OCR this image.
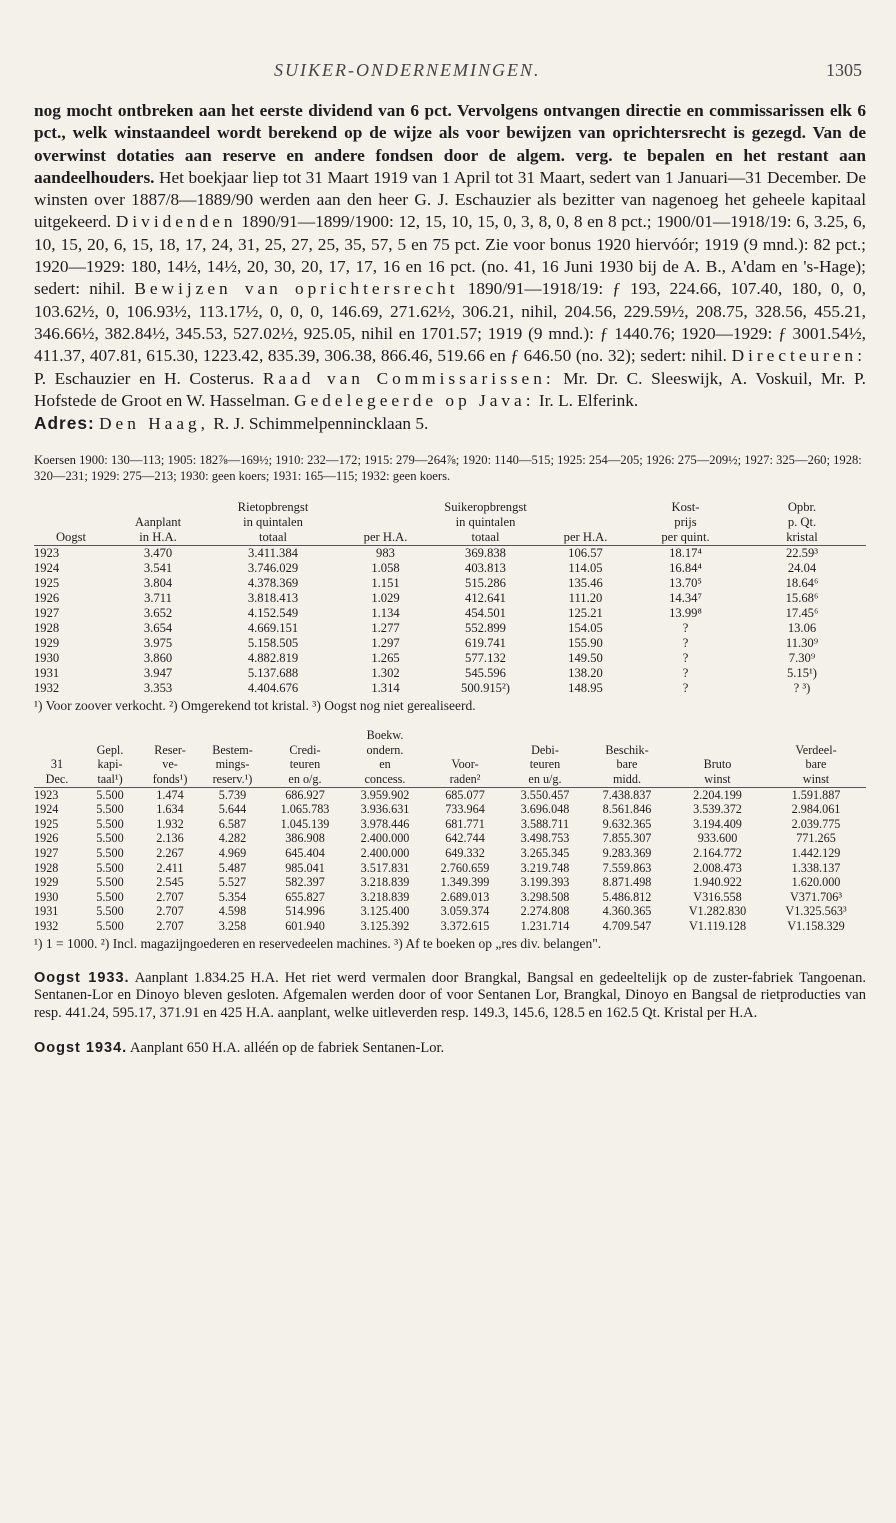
SUIKER-ONDERNEMINGEN.	1305

nog mocht ontbreken aan het eerste dividend van 6 pct. Vervolgens ontvangen directie en commissarissen elk 6 pct., welk winstaandeel wordt berekend op de wijze als voor bewijzen van oprichtersrecht is gezegd. Van de overwinst dotaties aan reserve en andere fondsen door de algem. verg. te bepalen en het restant aan aandeelhouders. Het boekjaar liep tot 31 Maart 1919 van 1 April tot 31 Maart, sedert van 1 Januari—31 December. De winsten over 1887/8—1889/90 werden aan den heer G. J. Eschauzier als bezitter van nagenoeg het geheele kapitaal uitgekeerd. Dividenden 1890/91—1899/1900: 12, 15, 10, 15, 0, 3, 8, 0, 8 en 8 pct.; 1900/01—1918/19: 6, 3.25, 6, 10, 15, 20, 6, 15, 18, 17, 24, 31, 25, 27, 25, 35, 57, 5 en 75 pct. Zie voor bonus 1920 hiervóór; 1919 (9 mnd.): 82 pct.; 1920—1929: 180, 14½, 14½, 20, 30, 20, 17, 17, 16 en 16 pct. (no. 41, 16 Juni 1930 bij de A. B., A'dam en 's-Hage); sedert: nihil. Bewijzen van oprichtersrecht 1890/91—1918/19: ƒ 193, 224.66, 107.40, 180, 0, 0, 103.62½, 0, 106.93½, 113.17½, 0, 0, 0, 146.69, 271.62½, 306.21, nihil, 204.56, 229.59½, 208.75, 328.56, 455.21, 346.66½, 382.84½, 345.53, 527.02½, 925.05, nihil en 1701.57; 1919 (9 mnd.): ƒ 1440.76; 1920—1929: ƒ 3001.54½, 411.37, 407.81, 615.30, 1223.42, 835.39, 306.38, 866.46, 519.66 en ƒ 646.50 (no. 32); sedert: nihil. Directeuren: P. Eschauzier en H. Costerus. Raad van Commissarissen: Mr. Dr. C. Sleeswijk, A. Voskuil, Mr. P. Hofstede de Groot en W. Hasselman. Gedelegeerde op Java: Ir. L. Elferink.
Adres: Den Haag, R. J. Schimmelpennincklaan 5.

Koersen 1900: 130—113; 1905: 182⅞—169½; 1910: 232—172; 1915: 279—264⅞; 1920: 1140—515; 1925: 254—205; 1926: 275—209½; 1927: 325—260; 1928: 320—231; 1929: 275—213; 1930: geen koers; 1931: 165—115; 1932: geen koers.

		Rietopbrengst		Suikeropbrengst		Kost-	Opbr.
	Aanplant	in quintalen		in quintalen		prijs	p. Qt.
Oogst	in H.A.	totaal	per H.A.	totaal	per H.A.	per quint.	kristal
1923	3.470	3.411.384	983	369.838	106.57	18.17⁴	22.59³
1924	3.541	3.746.029	1.058	403.813	114.05	16.84⁴	24.04
1925	3.804	4.378.369	1.151	515.286	135.46	13.70⁵	18.64⁶
1926	3.711	3.818.413	1.029	412.641	111.20	14.34⁷	15.68⁶
1927	3.652	4.152.549	1.134	454.501	125.21	13.99⁸	17.45⁶
1928	3.654	4.669.151	1.277	552.899	154.05	?	13.06
1929	3.975	5.158.505	1.297	619.741	155.90	?	11.30⁹
1930	3.860	4.882.819	1.265	577.132	149.50	?	7.30⁹
1931	3.947	5.137.688	1.302	545.596	138.20	?	5.15¹)
1932	3.353	4.404.676	1.314	500.915²)	148.95	?	? ³)

¹) Voor zoover verkocht. ²) Omgerekend tot kristal. ³) Oogst nog niet gerealiseerd.

					Boekw.					
	Gepl.	Reser-	Bestem-	Credi-	ondern.		Debi-	Beschik-		Verdeel-
31	kapi-	ve-	mings-	teuren	en	Voor-	teuren	bare	Bruto	bare
Dec.	taal¹)	fonds¹)	reserv.¹)	en o/g.	concess.	raden²	en u/g.	midd.	winst	winst
1923	5.500	1.474	5.739	686.927	3.959.902	685.077	3.550.457	7.438.837	2.204.199	1.591.887
1924	5.500	1.634	5.644	1.065.783	3.936.631	733.964	3.696.048	8.561.846	3.539.372	2.984.061
1925	5.500	1.932	6.587	1.045.139	3.978.446	681.771	3.588.711	9.632.365	3.194.409	2.039.775
1926	5.500	2.136	4.282	386.908	2.400.000	642.744	3.498.753	7.855.307	933.600	771.265
1927	5.500	2.267	4.969	645.404	2.400.000	649.332	3.265.345	9.283.369	2.164.772	1.442.129
1928	5.500	2.411	5.487	985.041	3.517.831	2.760.659	3.219.748	7.559.863	2.008.473	1.338.137
1929	5.500	2.545	5.527	582.397	3.218.839	1.349.399	3.199.393	8.871.498	1.940.922	1.620.000
1930	5.500	2.707	5.354	655.827	3.218.839	2.689.013	3.298.508	5.486.812	V316.558	V371.706³
1931	5.500	2.707	4.598	514.996	3.125.400	3.059.374	2.274.808	4.360.365	V1.282.830	V1.325.563³
1932	5.500	2.707	3.258	601.940	3.125.392	3.372.615	1.231.714	4.709.547	V1.119.128	V1.158.329

¹) 1 = 1000. ²) Incl. magazijngoederen en reservedeelen machines. ³) Af te boeken op „res div. belangen".

Oogst 1933. Aanplant 1.834.25 H.A. Het riet werd vermalen door Brangkal, Bangsal en gedeeltelijk op de zuster-fabriek Tangoenan. Sentanen-Lor en Dinoyo bleven gesloten. Afgemalen werden door of voor Sentanen Lor, Brangkal, Dinoyo en Bangsal de rietproducties van resp. 441.24, 595.17, 371.91 en 425 H.A. aanplant, welke uitleverden resp. 149.3, 145.6, 128.5 en 162.5 Qt. Kristal per H.A.

Oogst 1934. Aanplant 650 H.A. alléén op de fabriek Sentanen-Lor.
